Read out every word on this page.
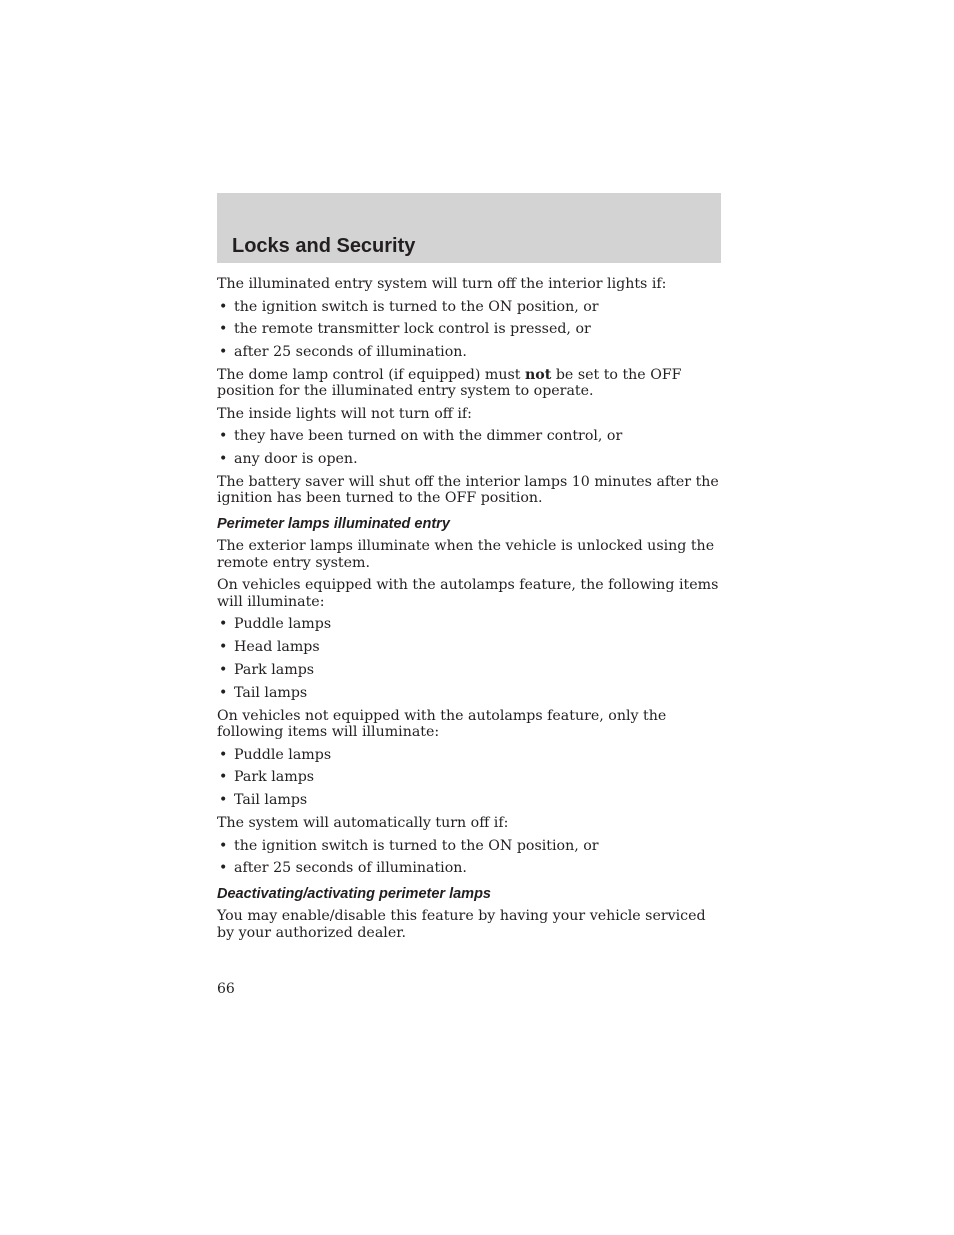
Locks and Security

The illuminated entry system will turn off the interior lights if:

• the ignition switch is turned to the ON position, or
• the remote transmitter lock control is pressed, or
• after 25 seconds of illumination.

The dome lamp control (if equipped) must not be set to the OFF position for the illuminated entry system to operate.

The inside lights will not turn off if:

• they have been turned on with the dimmer control, or
• any door is open.

The battery saver will shut off the interior lamps 10 minutes after the ignition has been turned to the OFF position.

Perimeter lamps illuminated entry

The exterior lamps illuminate when the vehicle is unlocked using the remote entry system.

On vehicles equipped with the autolamps feature, the following items will illuminate:

• Puddle lamps
• Head lamps
• Park lamps
• Tail lamps

On vehicles not equipped with the autolamps feature, only the following items will illuminate:

• Puddle lamps
• Park lamps
• Tail lamps

The system will automatically turn off if:

• the ignition switch is turned to the ON position, or
• after 25 seconds of illumination.

Deactivating/activating perimeter lamps

You may enable/disable this feature by having your vehicle serviced by your authorized dealer.

66
